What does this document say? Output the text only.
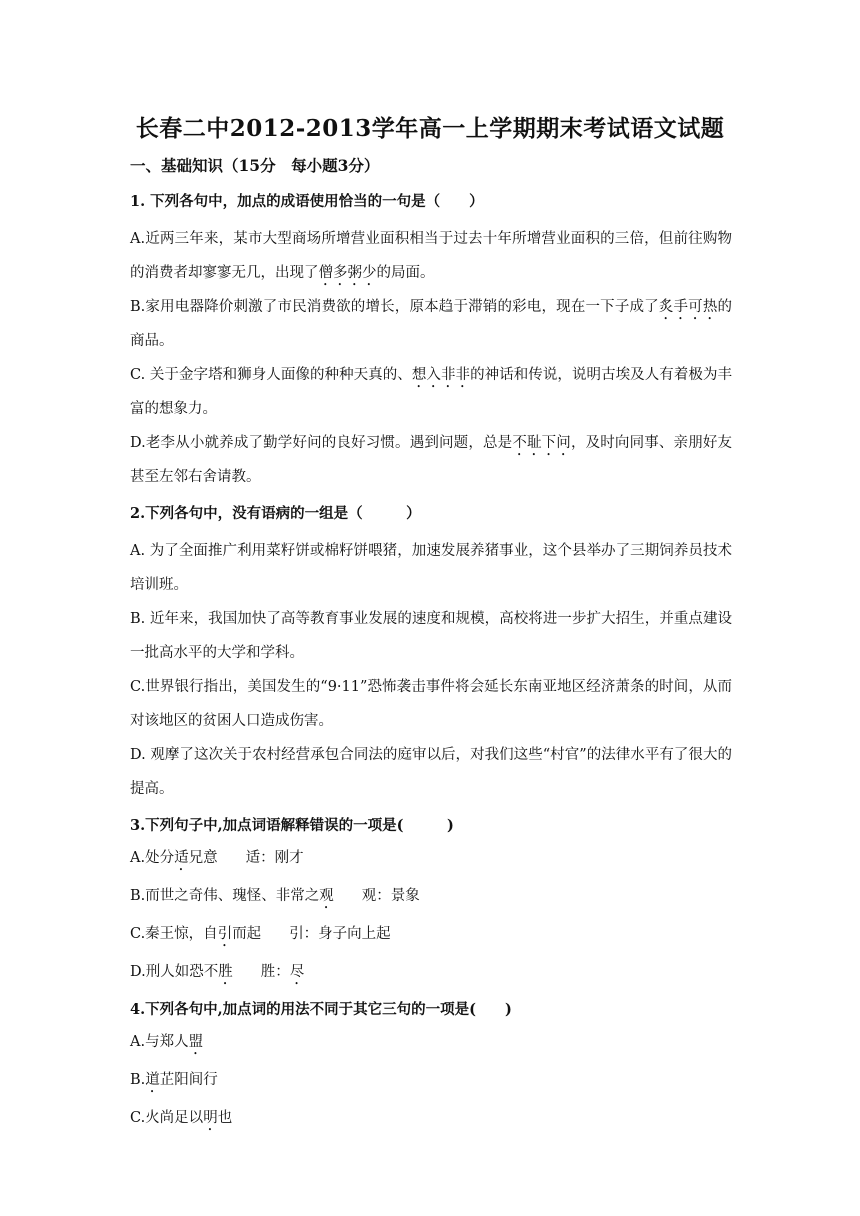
长春二中2012-2013学年高一上学期期末考试语文试题
一、基础知识（15分　每小题3分）
1. 下列各句中，加点的成语使用恰当的一句是（　　）
A.近两三年来，某市大型商场所增营业面积相当于过去十年所增营业面积的三倍，但前往购物的消费者却寥寥无几，出现了僧多粥少的局面。
B.家用电器降价刺激了市民消费欲的增长，原本趋于滞销的彩电，现在一下子成了炙手可热的商品。
C. 关于金字塔和狮身人面像的种种天真的、想入非非的神话和传说，说明古埃及人有着极为丰富的想象力。
D.老李从小就养成了勤学好问的良好习惯。遇到问题，总是不耻下问，及时向同事、亲朋好友甚至左邻右舍请教。
2.下列各句中，没有语病的一组是（　　　）
A. 为了全面推广利用菜籽饼或棉籽饼喂猪，加速发展养猪事业，这个县举办了三期饲养员技术培训班。
B. 近年来，我国加快了高等教育事业发展的速度和规模，高校将进一步扩大招生，并重点建设一批高水平的大学和学科。
C.世界银行指出，美国发生的“9·11”恐怖袭击事件将会延长东南亚地区经济萧条的时间，从而对该地区的贫困人口造成伤害。
D. 观摩了这次关于农村经营承包合同法的庭审以后，对我们这些“村官”的法律水平有了很大的提高。
3.下列句子中,加点词语解释错误的一项是(　　　)
A.处分适兄意 适：刚才
B.而世之奇伟、瑰怪、非常之观 观：景象
C.秦王惊，自引而起 引：身子向上起
D.刑人如恐不胜 胜：尽
4.下列各句中,加点词的用法不同于其它三句的一项是(　　)
A.与郑人盟
B.道芷阳间行
C.火尚足以明也
